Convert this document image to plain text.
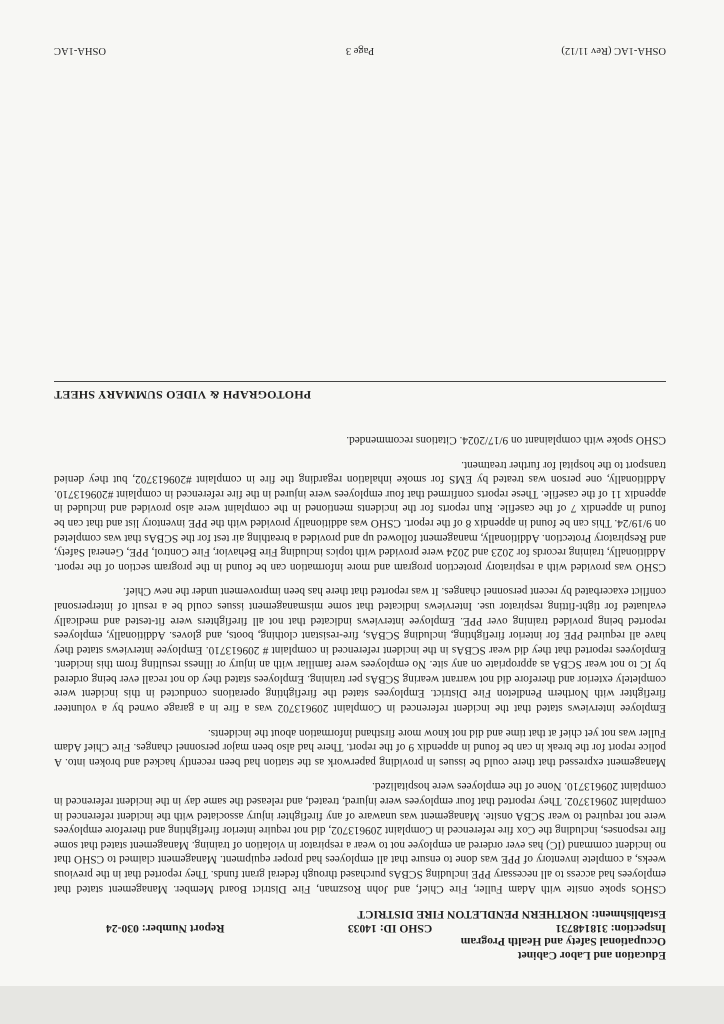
Education and Labor Cabinet
Occupational Safety and Health Program
Inspection: 318148731
CSHO ID: 14033
Report Number: 030-24
Establishment: NORTHERN PENDLETON FIRE DISTRICT

CSHOs spoke onsite with Adam Fuller, Fire Chief, and John Roszman, Fire District Board Member. Management stated that employees had access to all necessary PPE including SCBAs purchased through federal grant funds. They reported that in the previous weeks, a complete inventory of PPE was done to ensure that all employees had proper equipment. Management claimed to CSHO that no incident command (IC) has ever ordered an employee not to wear a respirator in violation of training. Management stated that some fire responses, including the Cox fire referenced in Complaint 209613702, did not require interior firefighting and therefore employees were not required to wear SCBA onsite. Management was unaware of any firefighter injury associated with the incident referenced in complaint 209613702. They reported that four employees were injured, treated, and released the same day in the incident referenced in complaint 209613710. None of the employees were hospitalized.

Management expressed that there could be issues in providing paperwork as the station had been recently hacked and broken into. A police report for the break in can be found in appendix 9 of the report. There had also been major personnel changes. Fire Chief Adam Fuller was not yet chief at that time and did not know more firsthand information about the incidents.

Employee interviews stated that the incident referenced in Complaint 209613702 was a fire in a garage owned by a volunteer firefighter with Northern Pendleton Fire District. Employees stated the firefighting operations conducted in this incident were completely exterior and therefore did not warrant wearing SCBAs per training. Employees stated they do not recall ever being ordered by IC to not wear SCBA as appropriate on any site. No employees were familiar with an injury or illness resulting from this incident. Employees reported that they did wear SCBAs in the incident referenced in complaint # 209613710. Employee interviews stated they have all required PPE for interior firefighting, including SCBAs, fire-resistant clothing, boots, and gloves. Additionally, employees reported being provided training over PPE. Employee interviews indicated that not all firefighters were fit-tested and medically evaluated for tight-fitting respirator use. Interviews indicated that some mismanagement issues could be a result of interpersonal conflict exacerbated by recent personnel changes. It was reported that there has been improvement under the new Chief.

CSHO was provided with a respiratory protection program and more information can be found in the program section of the report. Additionally, training records for 2023 and 2024 were provided with topics including Fire Behavior, Fire Control, PPE, General Safety, and Respiratory Protection. Additionally, management followed up and provided a breathing air test for the SCBAs that was completed on 9/19/24. This can be found in appendix 8 of the report. CSHO was additionally provided with the PPE inventory list and that can be found in appendix 7 of the casefile. Run reports for the incidents mentioned in the complaint were also provided and included in appendix 11 of the casefile. These reports confirmed that four employees were injured in the fire referenced in complaint #209613710. Additionally, one person was treated by EMS for smoke inhalation regarding the fire in complaint #209613702, but they denied transport to the hospital for further treatment.

CSHO spoke with complainant on 9/17/2024. Citations recommended.

PHOTOGRAPH & VIDEO SUMMARY SHEET
OSHA-1AC (Rev 11/12)
Page 3
OSHA-1AC
